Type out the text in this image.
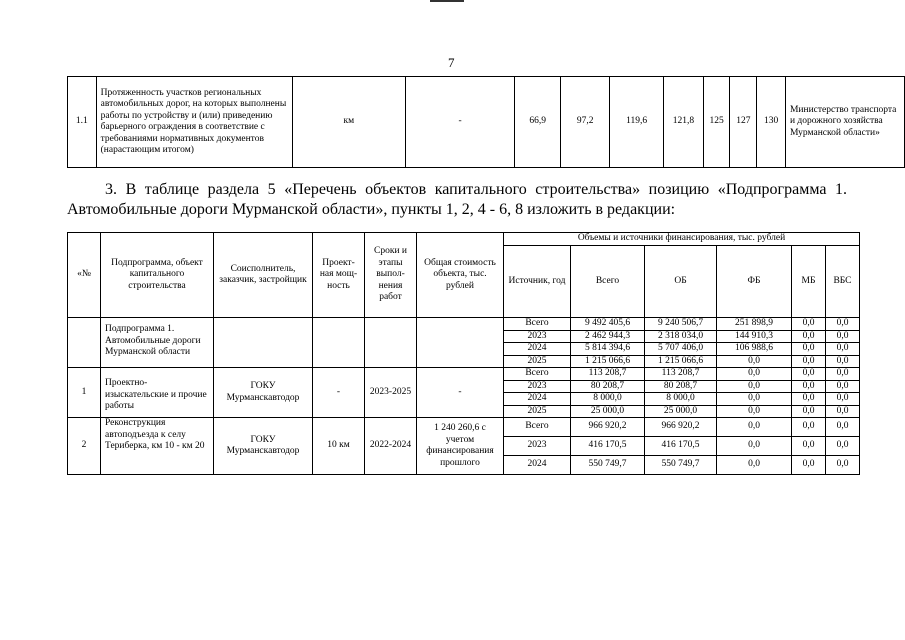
7
1.1	Протяженность участков региональных автомобильных дорог, на которых выполнены работы по устройству и (или) приведению барьерного ограждения в соответствие с требованиями нормативных документов (нарастающим итогом)	км	-	66,9	97,2	119,6	121,8	125	127	130	Министерство транспорта и дорожного хозяйства Мурманской области»
3. В таблице раздела 5 «Перечень объектов капитального строительства» позицию «Подпрограмма 1. Автомобильные дороги Мурманской области», пункты 1, 2, 4 - 6, 8 изложить в редакции:
«№	Подпрограмма, объект капитального строительства	Соисполнитель, заказчик, застройщик	Проект-ная мощ-ность	Сроки и этапы выпол-нения работ	Общая стоимость объекта, тыс. рублей	Объемы и источники финансирования, тыс. рублей					
						Источник, год	Всего	ОБ	ФБ	МБ	ВБС
	Подпрограмма 1. Автомобильные дороги Мурманской области					Всего	9 492 405,6	9 240 506,7	251 898,9	0,0	0,0
						2023	2 462 944,3	2 318 034,0	144 910,3	0,0	0,0
						2024	5 814 394,6	5 707 406,0	106 988,6	0,0	0,0
						2025	1 215 066,6	1 215 066,6	0,0	0,0	0,0
1	Проектно-изыскательские и прочие работы	ГОКУ Мурманскавтодор	-	2023-2025	-	Всего	113 208,7	113 208,7	0,0	0,0	0,0
						2023	80 208,7	80 208,7	0,0	0,0	0,0
						2024	8 000,0	8 000,0	0,0	0,0	0,0
						2025	25 000,0	25 000,0	0,0	0,0	0,0
2	Реконструкция автоподъезда к селу Териберка, км 10 - км 20	ГОКУ Мурманскавтодор	10 км	2022-2024	1 240 260,6 с учетом финансирования прошлого	Всего	966 920,2	966 920,2	0,0	0,0	0,0
						2023	416 170,5	416 170,5	0,0	0,0	0,0
						2024	550 749,7	550 749,7	0,0	0,0	0,0
